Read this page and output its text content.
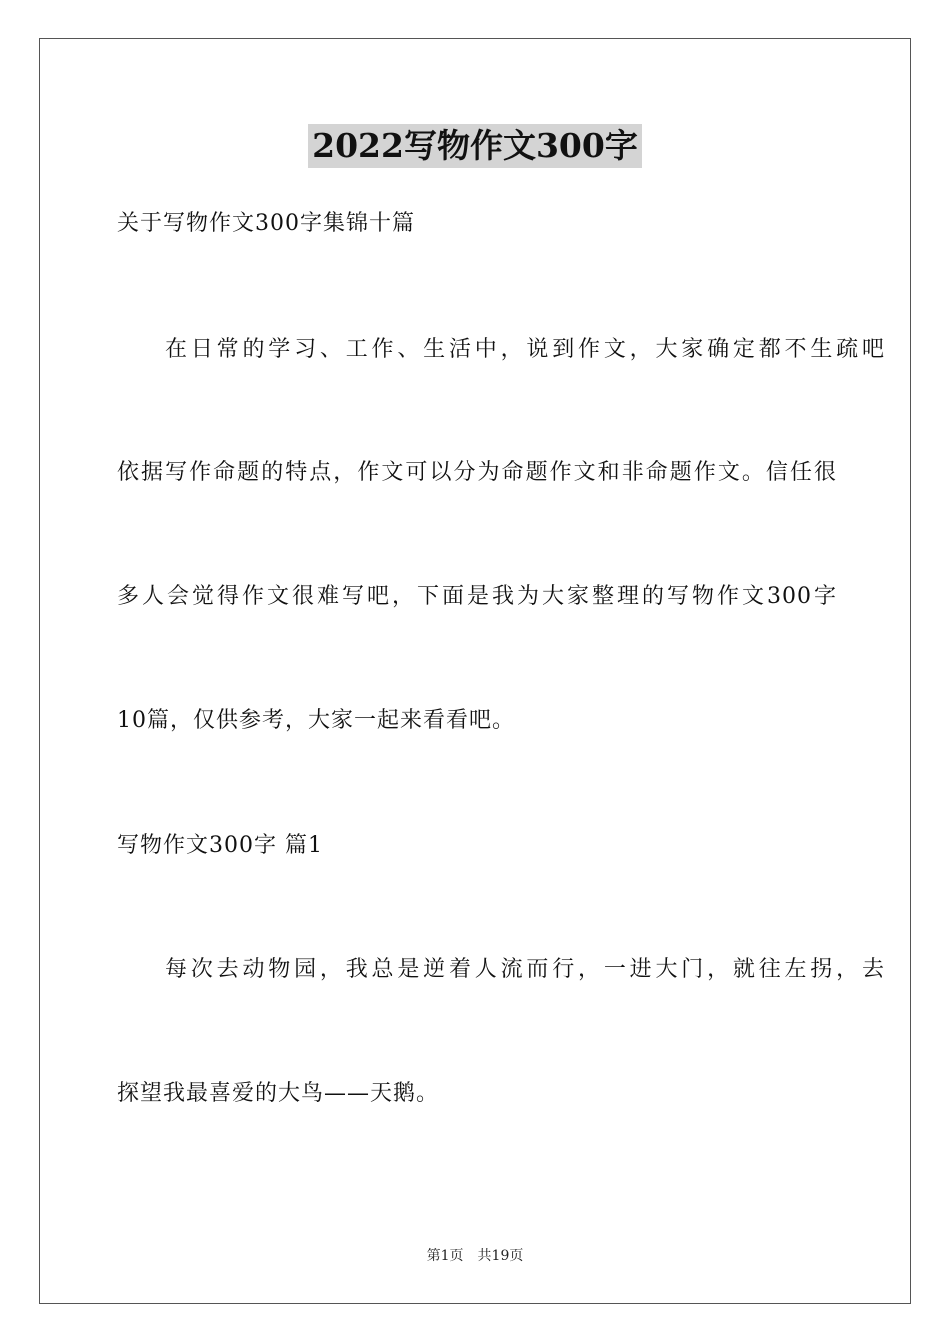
2022写物作文300字
关于写物作文300字集锦十篇
在日常的学习、工作、生活中，说到作文，大家确定都不生疏吧
依据写作命题的特点，作文可以分为命题作文和非命题作文。信任很
多人会觉得作文很难写吧，下面是我为大家整理的写物作文300字
10篇，仅供参考，大家一起来看看吧。
写物作文300字 篇1
每次去动物园，我总是逆着人流而行，一进大门，就往左拐，去
探望我最喜爱的大鸟——天鹅。
第1页 共19页
